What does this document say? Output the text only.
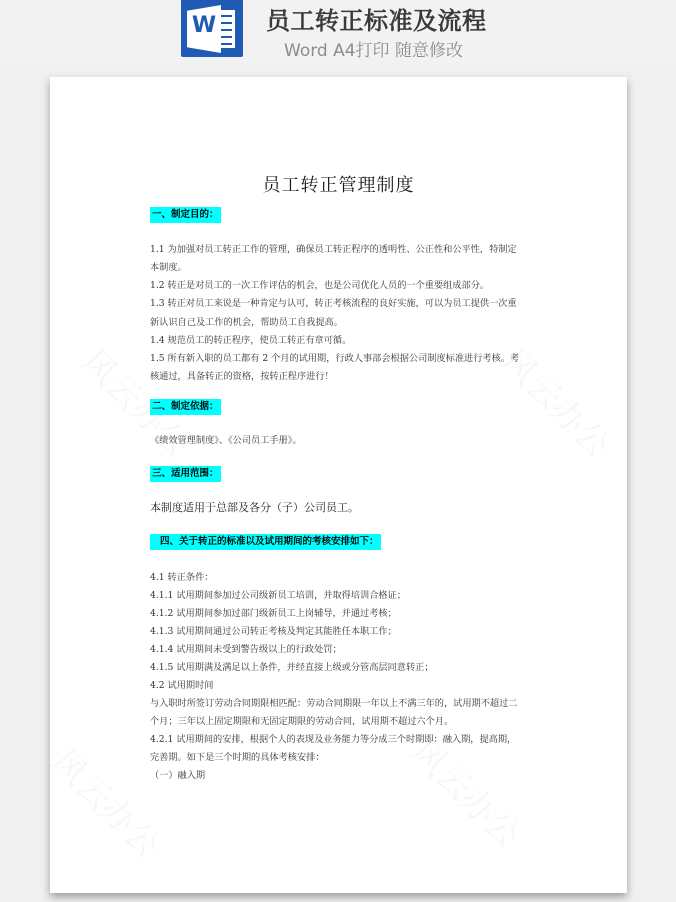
W 员工转正标准及流程
Word A4打印 随意修改
员工转正管理制度
一、制定目的：
1.1 为加强对员工转正工作的管理，确保员工转正程序的透明性、公正性和公平性，特制定
本制度。
1.2 转正是对员工的一次工作评估的机会，也是公司优化人员的一个重要组成部分。
1.3 转正对员工来说是一种肯定与认可，转正考核流程的良好实施，可以为员工提供一次重
新认识自己及工作的机会，帮助员工自我提高。
1.4 规范员工的转正程序，使员工转正有章可循。
1.5 所有新入职的员工都有 2 个月的试用期，行政人事部会根据公司制度标准进行考核。考
核通过，具备转正的资格，按转正程序进行！
二、制定依据：
《绩效管理制度》、《公司员工手册》。
三、适用范围：
本制度适用于总部及各分（子）公司员工。
四、关于转正的标准以及试用期间的考核安排如下：
4.1 转正条件：
4.1.1 试用期间参加过公司级新员工培训，并取得培训合格证；
4.1.2 试用期间参加过部门级新员工上岗辅导，并通过考核；
4.1.3 试用期间通过公司转正考核及判定其能胜任本职工作；
4.1.4 试用期间未受到警告级以上的行政处罚；
4.1.5 试用期满及满足以上条件，并经直接上级或分管高层同意转正；
4.2 试用期时间
与入职时所签订劳动合同期限相匹配：劳动合同期限一年以上不满三年的，试用期不超过二
个月；三年以上固定期限和无固定期限的劳动合同，试用期不超过六个月。
4.2.1 试用期间的安排，根据个人的表现及业务能力等分成三个时期即：融入期，提高期，
完善期。如下是三个时期的具体考核安排：
（一）融入期
